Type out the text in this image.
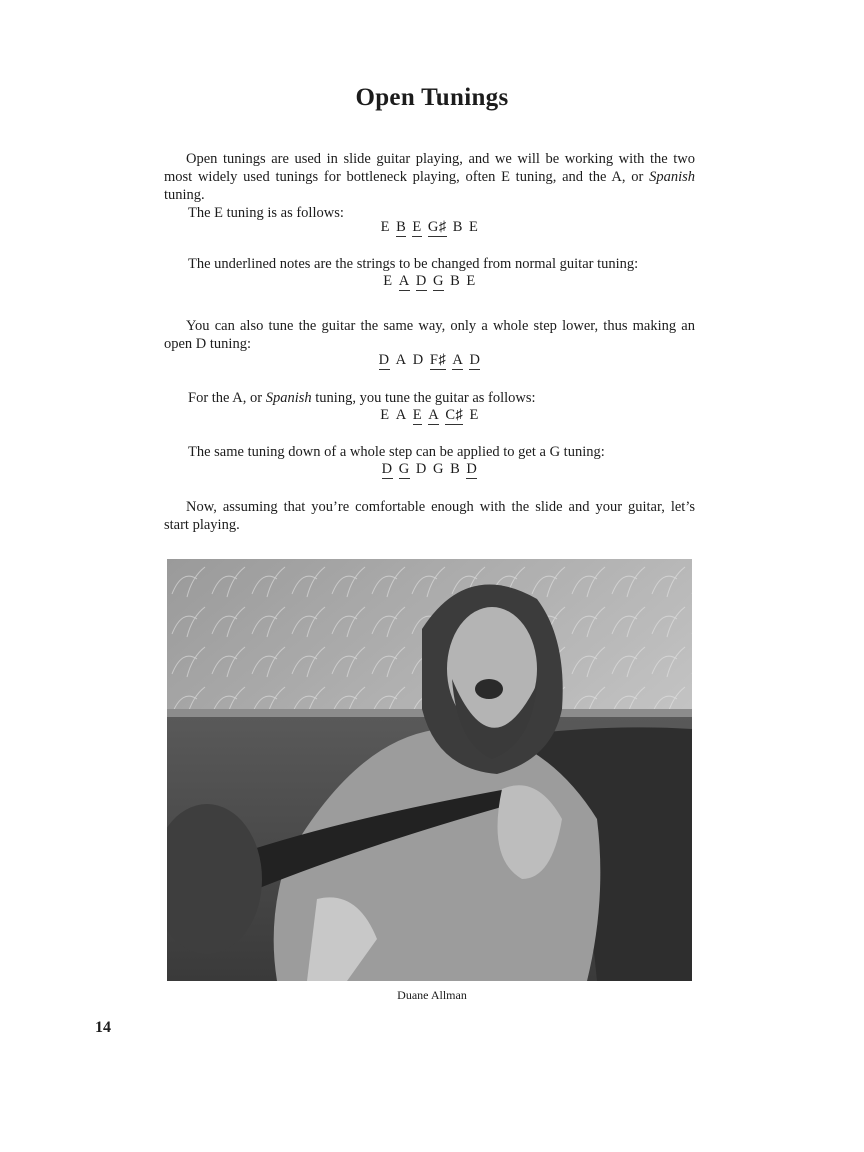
Open Tunings

Open tunings are used in slide guitar playing, and we will be working with the two most widely used tunings for bottleneck playing, often E tuning, and the A, or Spanish tuning.

The E tuning is as follows:

E B E G♯ B E

The underlined notes are the strings to be changed from normal guitar tuning:

E A D G B E

You can also tune the guitar the same way, only a whole step lower, thus making an open D tuning:

D A D F♯ A D

For the A, or Spanish tuning, you tune the guitar as follows:

E A E A C♯ E

The same tuning down of a whole step can be applied to get a G tuning:

D G D G B D

Now, assuming that you’re comfortable enough with the slide and your guitar, let’s start playing.

Duane Allman
14
